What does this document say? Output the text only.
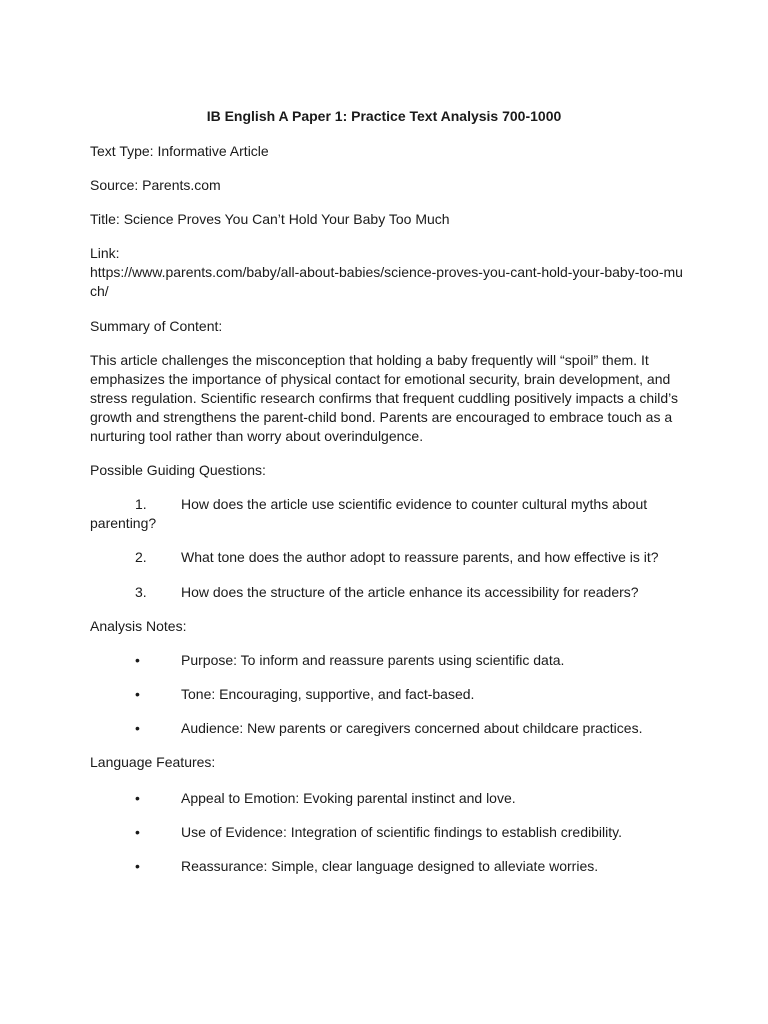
IB English A Paper 1: Practice Text Analysis 700-1000
Text Type: Informative Article
Source: Parents.com
Title: Science Proves You Can’t Hold Your Baby Too Much
Link:
https://www.parents.com/baby/all-about-babies/science-proves-you-cant-hold-your-baby-too-mu
ch/
Summary of Content:
This article challenges the misconception that holding a baby frequently will “spoil” them. It
emphasizes the importance of physical contact for emotional security, brain development, and
stress regulation. Scientific research confirms that frequent cuddling positively impacts a child’s
growth and strengthens the parent-child bond. Parents are encouraged to embrace touch as a
nurturing tool rather than worry about overindulgence.
Possible Guiding Questions:
1.	How does the article use scientific evidence to counter cultural myths about
parenting?
2.	What tone does the author adopt to reassure parents, and how effective is it?
3.	How does the structure of the article enhance its accessibility for readers?
Analysis Notes:
•	Purpose: To inform and reassure parents using scientific data.
•	Tone: Encouraging, supportive, and fact-based.
•	Audience: New parents or caregivers concerned about childcare practices.
Language Features:
•	Appeal to Emotion: Evoking parental instinct and love.
•	Use of Evidence: Integration of scientific findings to establish credibility.
•	Reassurance: Simple, clear language designed to alleviate worries.
